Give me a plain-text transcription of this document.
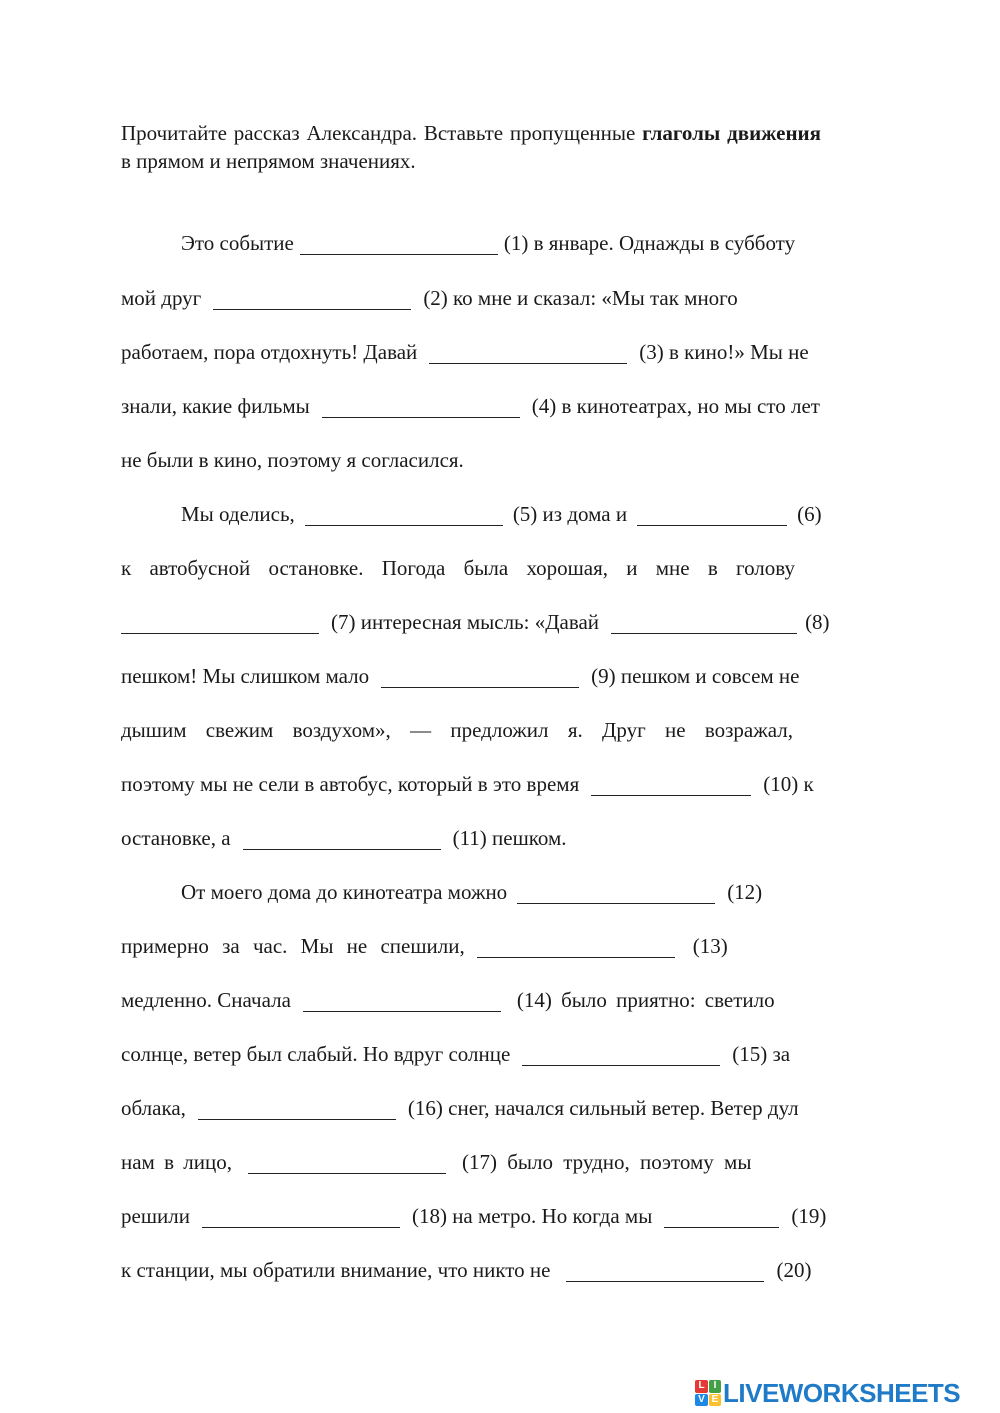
Прочитайте рассказ Александра. Вставьте пропущенные глаголы движения в прямом и непрямом значениях.
Это событие	(1) в январе. Однажды в субботу
мой друг	(2) ко мне и сказал: «Мы так много
работаем, пора отдохнуть! Давай	(3) в кино!» Мы не
знали, какие фильмы	(4) в кинотеатрах, но мы сто лет
не были в кино, поэтому я согласился.
Мы оделись,	(5) из дома и	(6)
к автобусной остановке. Погода была хорошая, и мне в голову
(7) интересная мысль: «Давай	(8)
пешком! Мы слишком мало	(9) пешком и совсем не
дышим свежим воздухом», — предложил я. Друг не возражал,
поэтому мы не сели в автобус, который в это время	(10) к
остановке, а	(11) пешком.
От моего дома до кинотеатра можно	(12)
примерно за час. Мы не спешили,	(13)
медленно. Сначала	(14) было приятно: светило
солнце, ветер был слабый. Но вдруг солнце	(15) за
облака,	(16) снег, начался сильный ветер. Ветер дул
нам в лицо,	(17) было трудно, поэтому мы
решили	(18) на метро. Но когда мы	(19)
к станции, мы обратили внимание, что никто не	(20)
L I
V E LIVEWORKSHEETS
